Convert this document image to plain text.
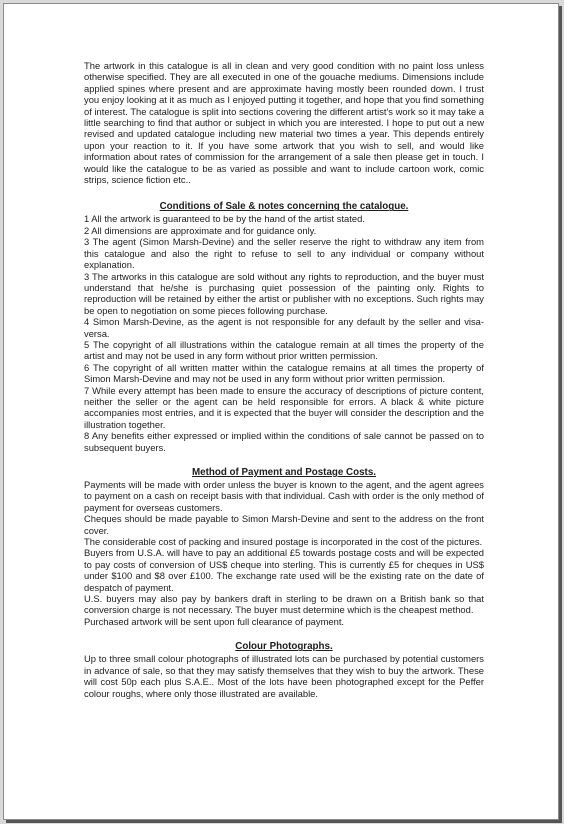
The artwork in this catalogue is all in clean and very good condition with no paint loss unless otherwise specified. They are all executed in one of the gouache mediums. Dimensions include applied spines where present and are approximate having mostly been rounded down. I trust you enjoy looking at it as much as I enjoyed putting it together, and hope that you find something of interest. The catalogue is split into sections covering the different artist's work so it may take a little searching to find that author or subject in which you are interested. I hope to put out a new revised and updated catalogue including new material two times a year. This depends entirely upon your reaction to it. If you have some artwork that you wish to sell, and would like information about rates of commission for the arrangement of a sale then please get in touch. I would like the catalogue to be as varied as possible and want to include cartoon work, comic strips, science fiction etc..

Conditions of Sale & notes concerning the catalogue.

1 All the artwork is guaranteed to be by the hand of the artist stated.

2 All dimensions are approximate and for guidance only.

3 The agent (Simon Marsh-Devine) and the seller reserve the right to withdraw any item from this catalogue and also the right to refuse to sell to any individual or company without explanation.

3 The artworks in this catalogue are sold without any rights to reproduction, and the buyer must understand that he/she is purchasing quiet possession of the painting only. Rights to reproduction will be retained by either the artist or publisher with no exceptions. Such rights may be open to negotiation on some pieces following purchase.

4 Simon Marsh-Devine, as the agent is not responsible for any default by the seller and visa-versa.

5 The copyright of all illustrations within the catalogue remain at all times the property of the artist and may not be used in any form without prior written permission.

6 The copyright of all written matter within the catalogue remains at all times the property of Simon Marsh-Devine and may not be used in any form without prior written permission.

7 While every attempt has been made to ensure the accuracy of descriptions of picture content, neither the seller or the agent can be held responsible for errors. A black & white picture accompanies most entries, and it is expected that the buyer will consider the description and the illustration together.

8 Any benefits either expressed or implied within the conditions of sale cannot be passed on to subsequent buyers.

Method of Payment and Postage Costs.

Payments will be made with order unless the buyer is known to the agent, and the agent agrees to payment on a cash on receipt basis with that individual. Cash with order is the only method of payment for overseas customers.

Cheques should be made payable to Simon Marsh-Devine and sent to the address on the front cover.

The considerable cost of packing and insured postage is incorporated in the cost of the pictures.

Buyers from U.S.A. will have to pay an additional £5 towards postage costs and will be expected to pay costs of conversion of US$ cheque into sterling. This is currently £5 for cheques in US$ under $100 and $8 over £100. The exchange rate used will be the existing rate on the date of despatch of payment.

U.S. buyers may also pay by bankers draft in sterling to be drawn on a British bank so that conversion charge is not necessary. The buyer must determine which is the cheapest method.

Purchased artwork will be sent upon full clearance of payment.

Colour Photographs.

Up to three small colour photographs of illustrated lots can be purchased by potential customers in advance of sale, so that they may satisfy themselves that they wish to buy the artwork. These will cost 50p each plus S.A.E.. Most of the lots have been photographed except for the Peffer colour roughs, where only those illustrated are available.
